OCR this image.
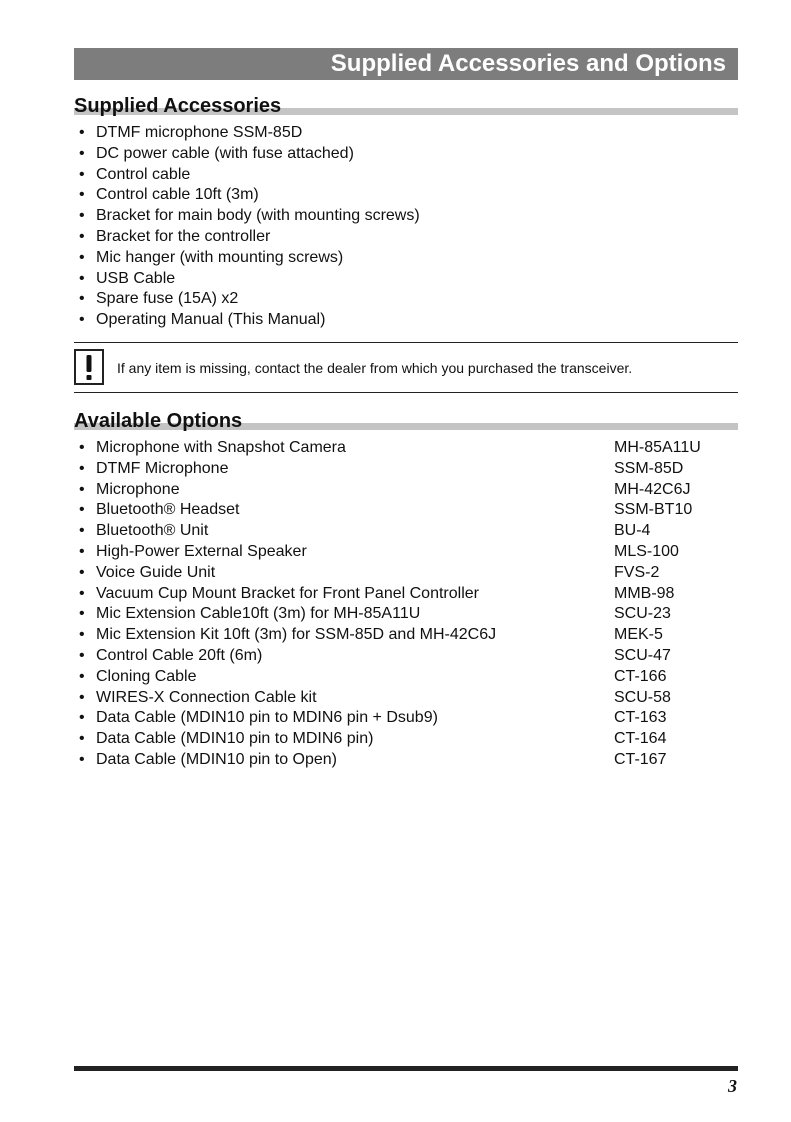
Supplied Accessories and Options
Supplied Accessories
• DTMF microphone SSM-85D
• DC power cable (with fuse attached)
• Control cable
• Control cable 10ft (3m)
• Bracket for main body (with mounting screws)
• Bracket for the controller
• Mic hanger (with mounting screws)
• USB Cable
• Spare fuse (15A) x2
• Operating Manual (This Manual)
If any item is missing, contact the dealer from which you purchased the transceiver.
Available Options
• Microphone with Snapshot Camera	MH-85A11U
• DTMF Microphone	SSM-85D
• Microphone	MH-42C6J
• Bluetooth® Headset	SSM-BT10
• Bluetooth® Unit	BU-4
• High-Power External Speaker	MLS-100
• Voice Guide Unit	FVS-2
• Vacuum Cup Mount Bracket for Front Panel Controller	MMB-98
• Mic Extension Cable10ft (3m) for MH-85A11U	SCU-23
• Mic Extension Kit 10ft (3m) for SSM-85D and MH-42C6J	MEK-5
• Control Cable 20ft (6m)	SCU-47
• Cloning Cable	CT-166
• WIRES-X Connection Cable kit	SCU-58
• Data Cable (MDIN10 pin to MDIN6 pin + Dsub9)	CT-163
• Data Cable (MDIN10 pin to MDIN6 pin)	CT-164
• Data Cable (MDIN10 pin to Open)	CT-167
3
